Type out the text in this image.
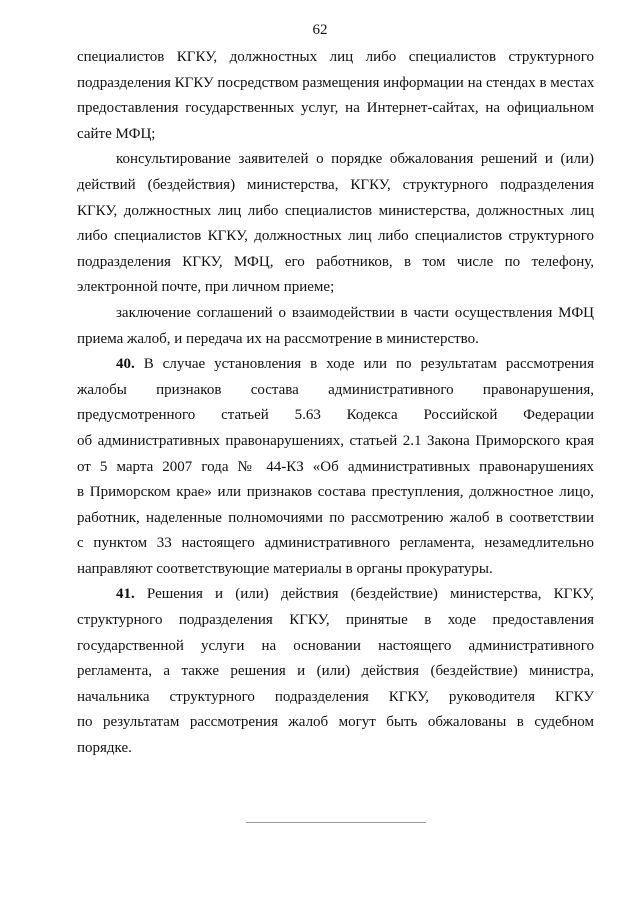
62
специалистов КГКУ, должностных лиц либо специалистов структурного
подразделения КГКУ посредством размещения информации на стендах в местах
предоставления государственных услуг, на Интернет-сайтах, на официальном
сайте МФЦ;
консультирование заявителей о порядке обжалования решений и (или)
действий (бездействия) министерства, КГКУ, структурного подразделения
КГКУ, должностных лиц либо специалистов министерства, должностных лиц
либо специалистов КГКУ, должностных лиц либо специалистов структурного
подразделения КГКУ, МФЦ, его работников, в том числе по телефону,
электронной почте, при личном приеме;
заключение соглашений о взаимодействии в части осуществления МФЦ
приема жалоб, и передача их на рассмотрение в министерство.
40. В случае установления в ходе или по результатам рассмотрения
жалобы признаков состава административного правонарушения,
предусмотренного статьей 5.63 Кодекса Российской Федерации
об административных правонарушениях, статьей 2.1 Закона Приморского края
от 5 марта 2007 года № 44-КЗ «Об административных правонарушениях
в Приморском крае» или признаков состава преступления, должностное лицо,
работник, наделенные полномочиями по рассмотрению жалоб в соответствии
с пунктом 33 настоящего административного регламента, незамедлительно
направляют соответствующие материалы в органы прокуратуры.
41. Решения и (или) действия (бездействие) министерства, КГКУ,
структурного подразделения КГКУ, принятые в ходе предоставления
государственной услуги на основании настоящего административного
регламента, а также решения и (или) действия (бездействие) министра,
начальника структурного подразделения КГКУ, руководителя КГКУ
по результатам рассмотрения жалоб могут быть обжалованы в судебном
порядке.
